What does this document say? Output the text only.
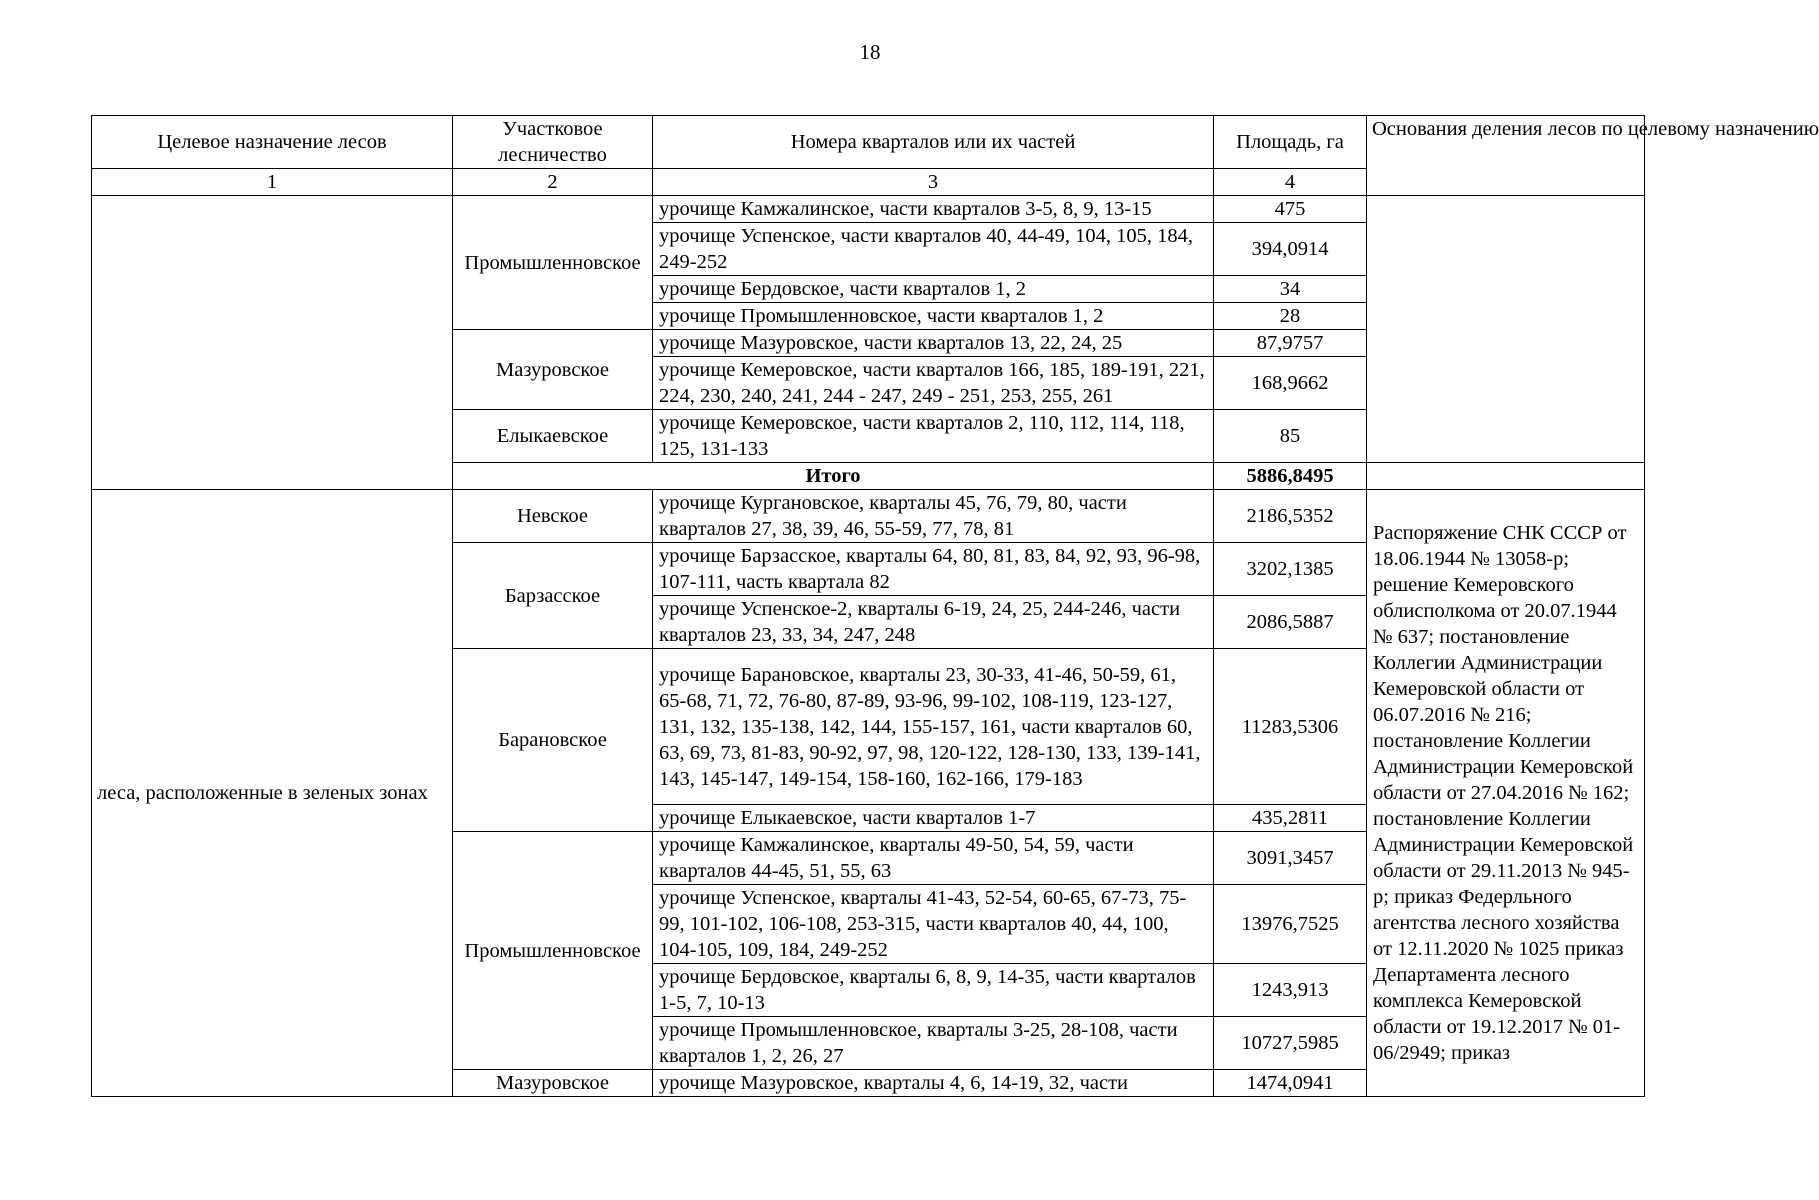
18
Целевое назначение лесов	Участковое лесничество	Номера кварталов или их частей	Площадь, га	Основания деления лесов по целевому назначению
1	2	3	4	
	Промышленновское	урочище Камжалинское, части кварталов 3-5, 8, 9, 13-15	475	
		урочище Успенское, части кварталов 40, 44-49, 104, 105, 184, 249-252	394,0914	
		урочище Бердовское, части кварталов 1, 2	34	
		урочище Промышленновское, части кварталов 1, 2	28	
	Мазуровское	урочище Мазуровское, части кварталов 13, 22, 24, 25	87,9757	
		урочище Кемеровское, части кварталов 166, 185, 189-191, 221, 224, 230, 240, 241, 244 - 247, 249 - 251, 253, 255, 261	168,9662	
	Елыкаевское	урочище Кемеровское, части кварталов 2, 110, 112, 114, 118, 125, 131-133	85	
	Итого		5886,8495	
леса, расположенные в зеленых зонах	Невское	урочище Кургановское, кварталы 45, 76, 79, 80, части кварталов 27, 38, 39, 46, 55-59, 77, 78, 81	2186,5352	Распоряжение СНК СССР от 18.06.1944 № 13058-р; решение Кемеровского облисполкома от 20.07.1944 № 637; постановление Коллегии Администрации Кемеровской области от 06.07.2016 № 216; постановление Коллегии Администрации Кемеровской области от 27.04.2016 № 162; постановление Коллегии Администрации Кемеровской области от 29.11.2013 № 945-р; приказ Федерльного агентства лесного хозяйства от 12.11.2020 № 1025 приказ Департамента лесного комплекса Кемеровской области от 19.12.2017 № 01-06/2949; приказ
	Барзасское	урочище Барзасское, кварталы 64, 80, 81, 83, 84, 92, 93, 96-98, 107-111, часть квартала 82	3202,1385	
		урочище Успенское-2, кварталы 6-19, 24, 25, 244-246, части кварталов 23, 33, 34, 247, 248	2086,5887	
	Барановское	урочище Барановское, кварталы 23, 30-33, 41-46, 50-59, 61, 65-68, 71, 72, 76-80, 87-89, 93-96, 99-102, 108-119, 123-127, 131, 132, 135-138, 142, 144, 155-157, 161, части кварталов 60, 63, 69, 73, 81-83, 90-92, 97, 98, 120-122, 128-130, 133, 139-141, 143, 145-147, 149-154, 158-160, 162-166, 179-183	11283,5306	
		урочище Елыкаевское, части кварталов 1-7	435,2811	
	Промышленновское	урочище Камжалинское, кварталы 49-50, 54, 59, части кварталов 44-45, 51, 55, 63	3091,3457	
		урочище Успенское, кварталы 41-43, 52-54, 60-65, 67-73, 75-99, 101-102, 106-108, 253-315, части кварталов 40, 44, 100, 104-105, 109, 184, 249-252	13976,7525	
		урочище Бердовское, кварталы 6, 8, 9, 14-35, части кварталов 1-5, 7, 10-13	1243,913	
		урочище Промышленновское, кварталы 3-25, 28-108, части кварталов 1, 2, 26, 27	10727,5985	
	Мазуровское	урочище Мазуровское, кварталы 4, 6, 14-19, 32, части	1474,0941	
